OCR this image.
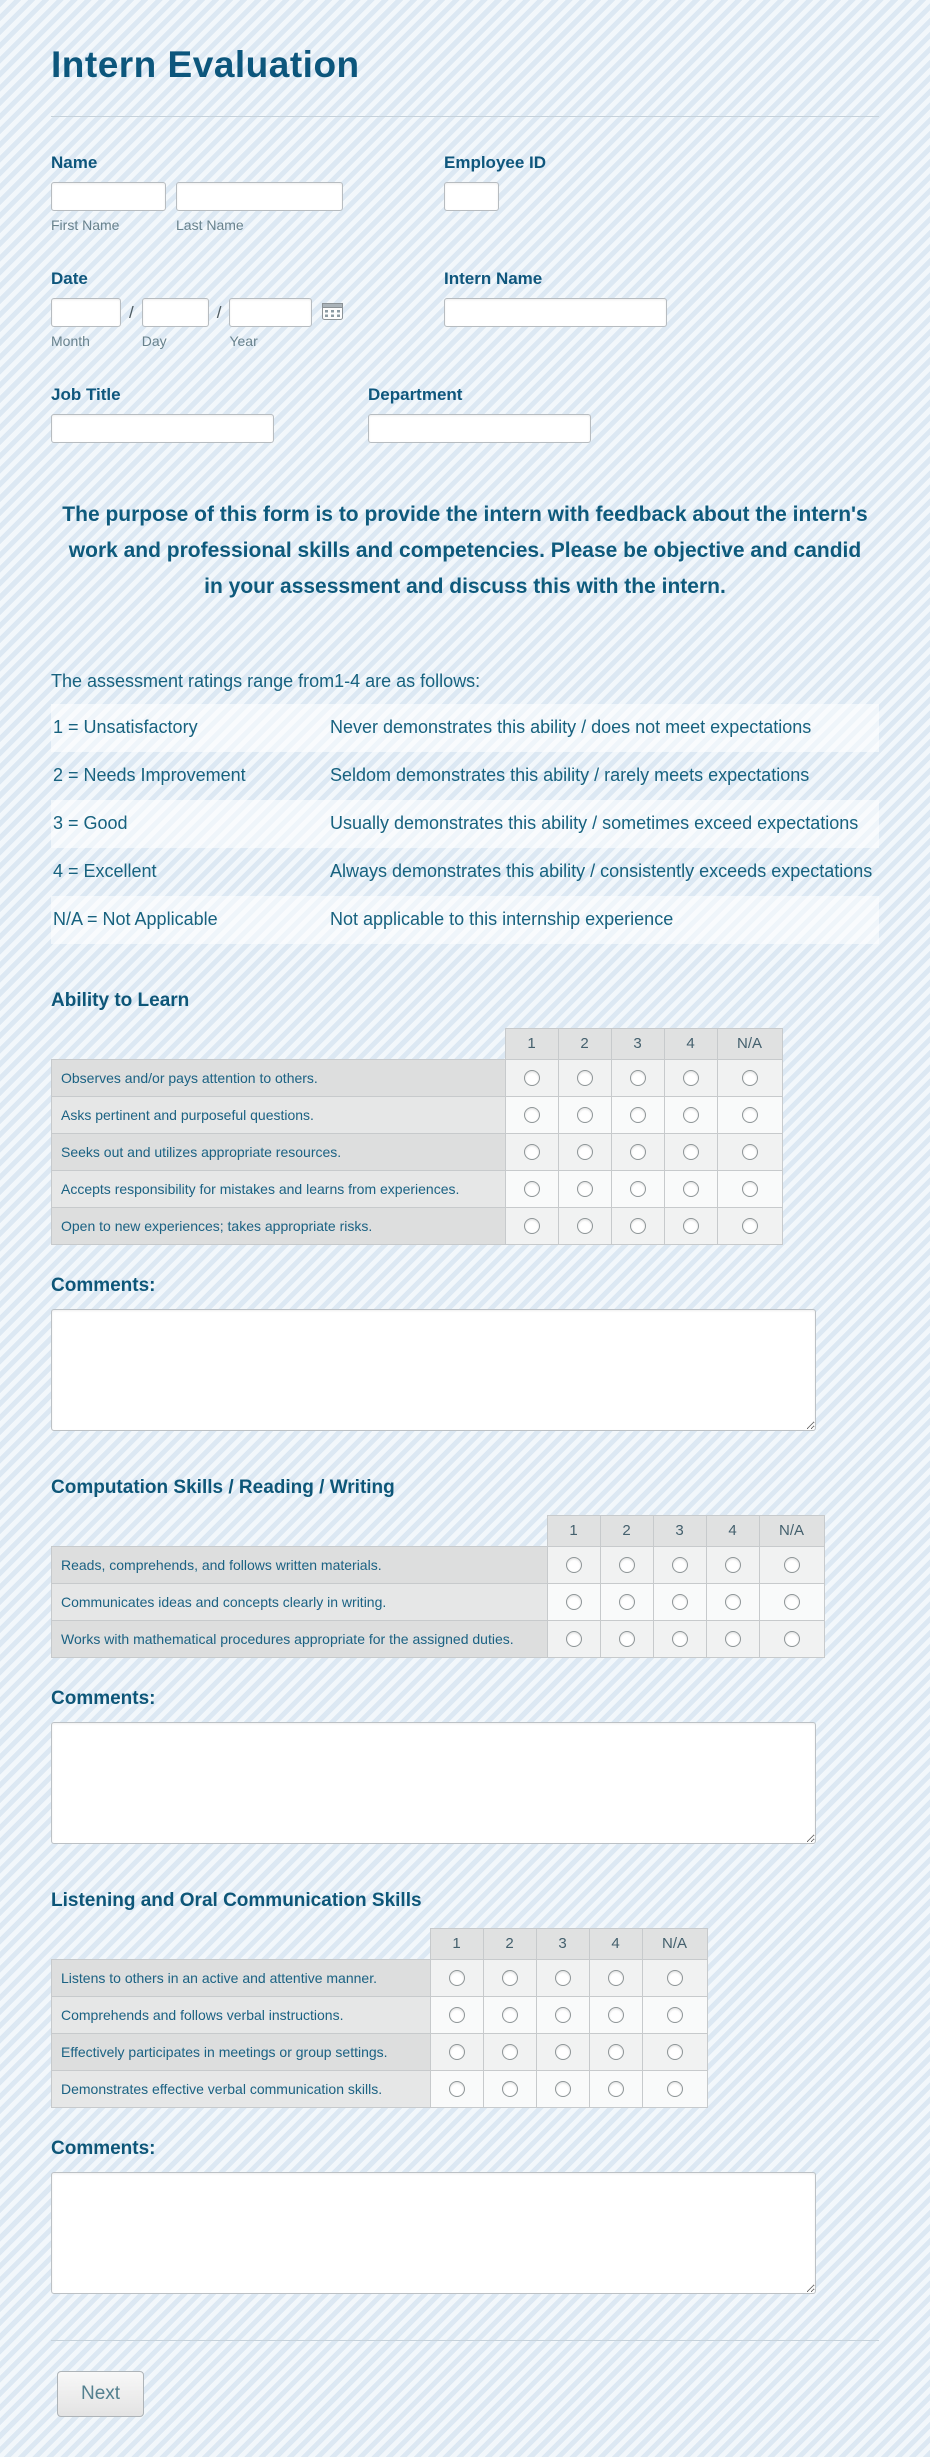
Intern Evaluation
Name
First Name	Last Name
Employee ID
Date
Month
/
Day
/
Year
Intern Name
Job Title	Department

The purpose of this form is to provide the intern with feedback about the intern's work and professional skills and competencies. Please be objective and candid in your assessment and discuss this with the intern.

The assessment ratings range from1-4 are as follows:
1 = Unsatisfactory	Never demonstrates this ability / does not meet expectations
2 = Needs Improvement	Seldom demonstrates this ability / rarely meets expectations
3 = Good	Usually demonstrates this ability / sometimes exceed expectations
4 = Excellent	Always demonstrates this ability / consistently exceeds expectations
N/A = Not Applicable	Not applicable to this internship experience
Ability to Learn
	1	2	3	4	N/A
Observes and/or pays attention to others.					
Asks pertinent and purposeful questions.					
Seeks out and utilizes appropriate resources.					
Accepts responsibility for mistakes and learns from experiences.					
Open to new experiences; takes appropriate risks.					
Comments:
Computation Skills / Reading / Writing
	1	2	3	4	N/A
Reads, comprehends, and follows written materials.					
Communicates ideas and concepts clearly in writing.					
Works with mathematical procedures appropriate for the assigned duties.					
Comments:
Listening and Oral Communication Skills
	1	2	3	4	N/A
Listens to others in an active and attentive manner.					
Comprehends and follows verbal instructions.					
Effectively participates in meetings or group settings.					
Demonstrates effective verbal communication skills.					
Comments:
Next
